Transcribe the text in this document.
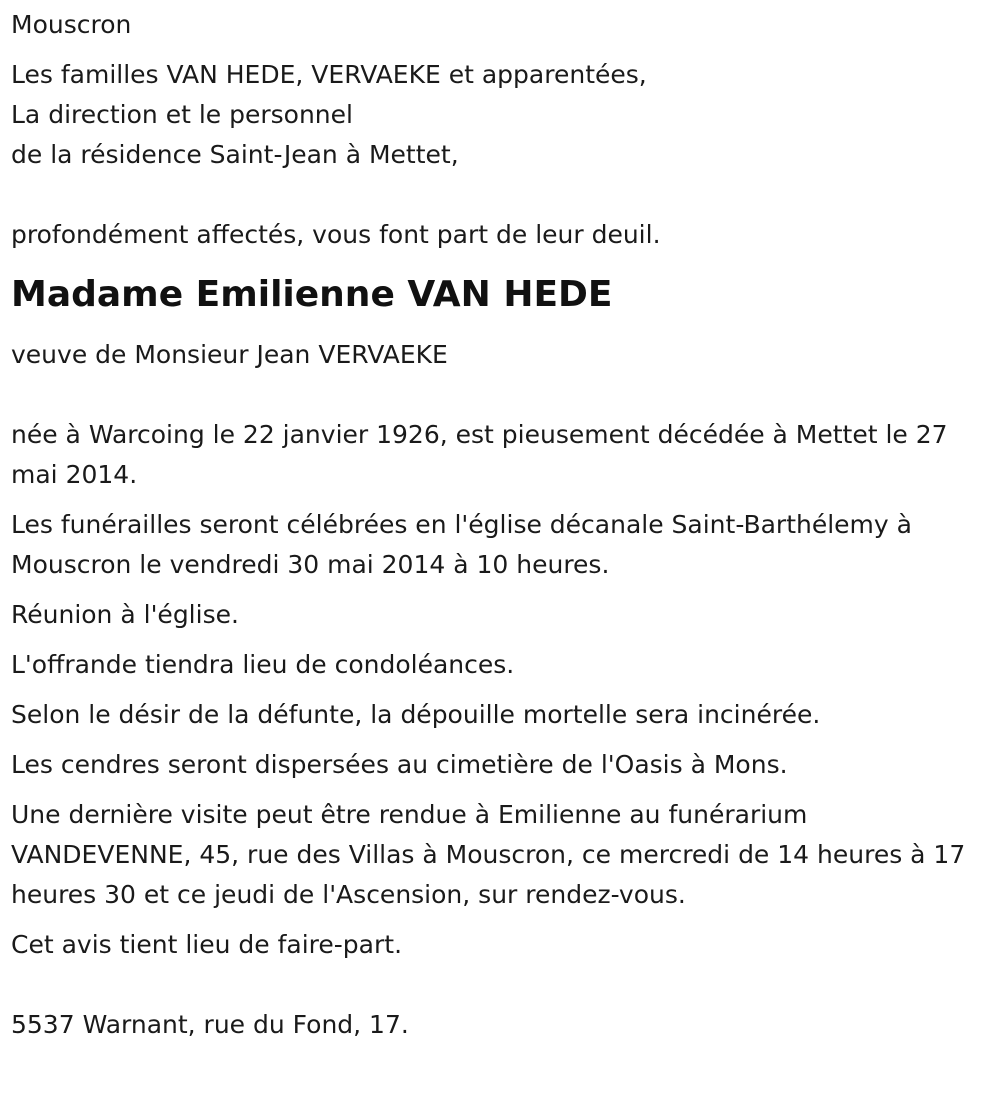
Mouscron

Les familles VAN HEDE, VERVAEKE et apparentées,

La direction et le personnel

de la résidence Saint-Jean à Mettet,

profondément affectés, vous font part de leur deuil.

Madame Emilienne VAN HEDE

veuve de Monsieur Jean VERVAEKE

née à Warcoing le 22 janvier 1926, est pieusement décédée à Mettet le 27 mai 2014.

Les funérailles seront célébrées en l'église décanale Saint-Barthélemy à Mouscron le vendredi 30 mai 2014 à 10 heures.

Réunion à l'église.

L'offrande tiendra lieu de condoléances.

Selon le désir de la défunte, la dépouille mortelle sera incinérée.

Les cendres seront dispersées au cimetière de l'Oasis à Mons.

Une dernière visite peut être rendue à Emilienne au funérarium VANDEVENNE, 45, rue des Villas à Mouscron, ce mercredi de 14 heures à 17 heures 30 et ce jeudi de l'Ascension, sur rendez-vous.

Cet avis tient lieu de faire-part.

5537 Warnant, rue du Fond, 17.
